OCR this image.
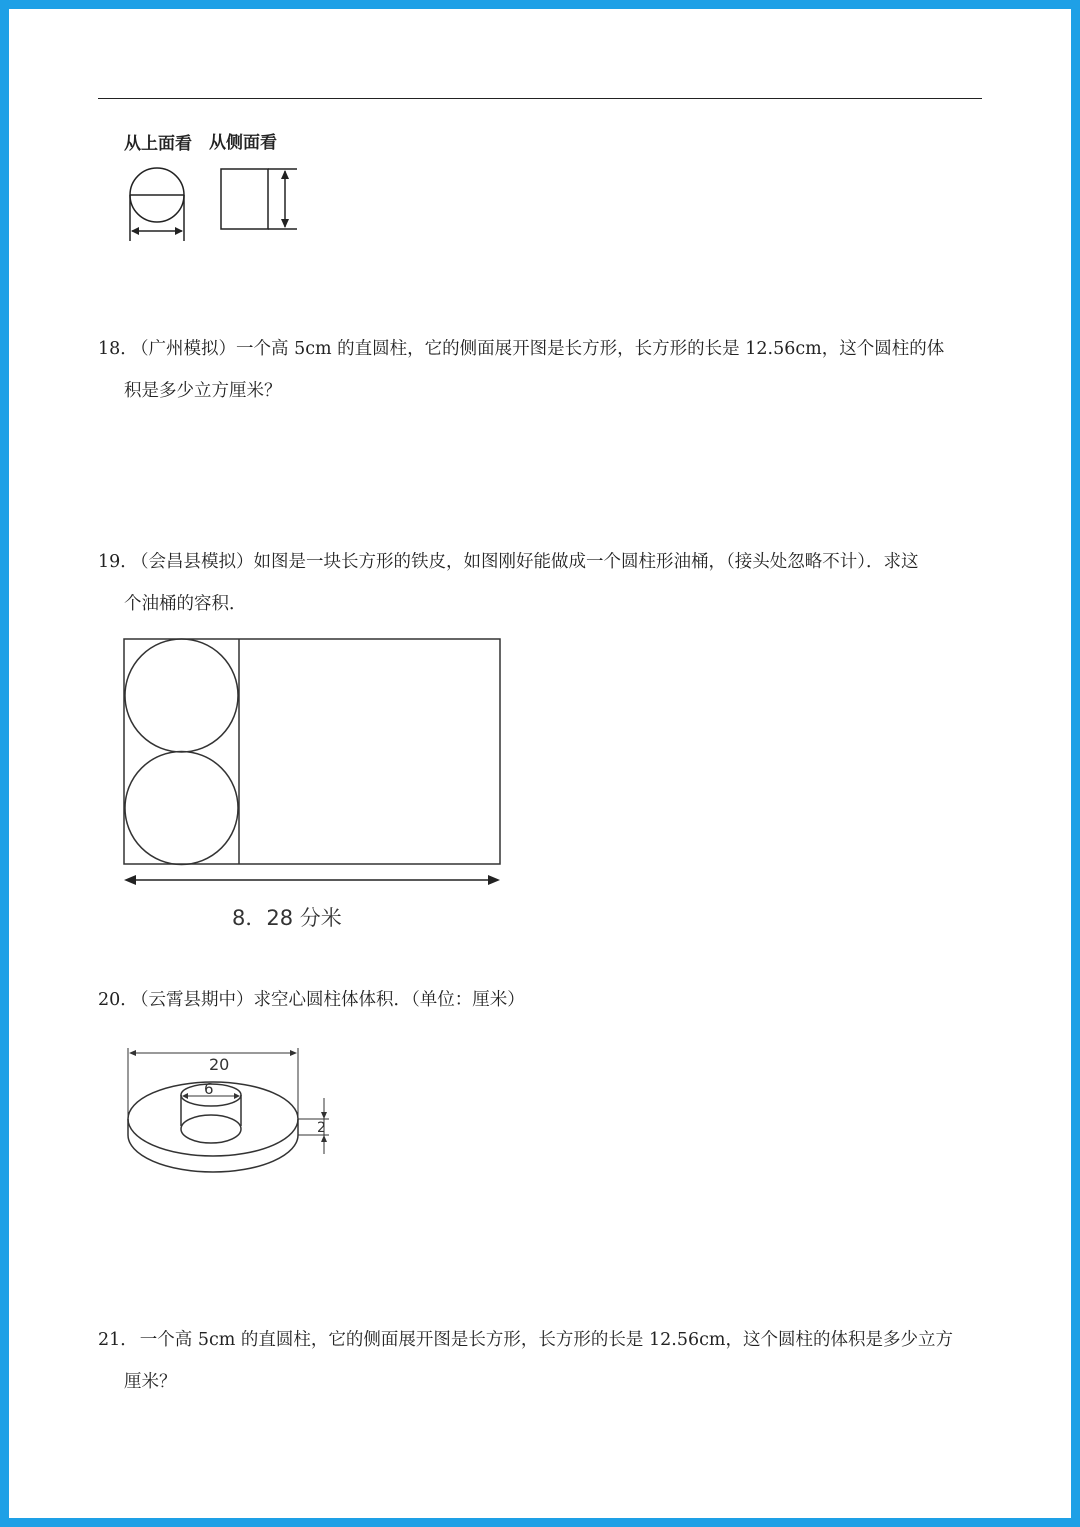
从上面看 从侧面看
18． （广州模拟）一个高 5cm 的直圆柱，它的侧面展开图是长方形，长方形的长是 12.56cm，这个圆柱的体
积是多少立方厘米？
19． （会昌县模拟）如图是一块长方形的铁皮，如图刚好能做成一个圆柱形油桶，（接头处忽略不计）．求这
个油桶的容积．
8．28 分米
20． （云霄县期中）求空心圆柱体体积．（单位：厘米）
20
6
2
21． 一个高 5cm 的直圆柱，它的侧面展开图是长方形，长方形的长是 12.56cm，这个圆柱的体积是多少立方
厘米？
